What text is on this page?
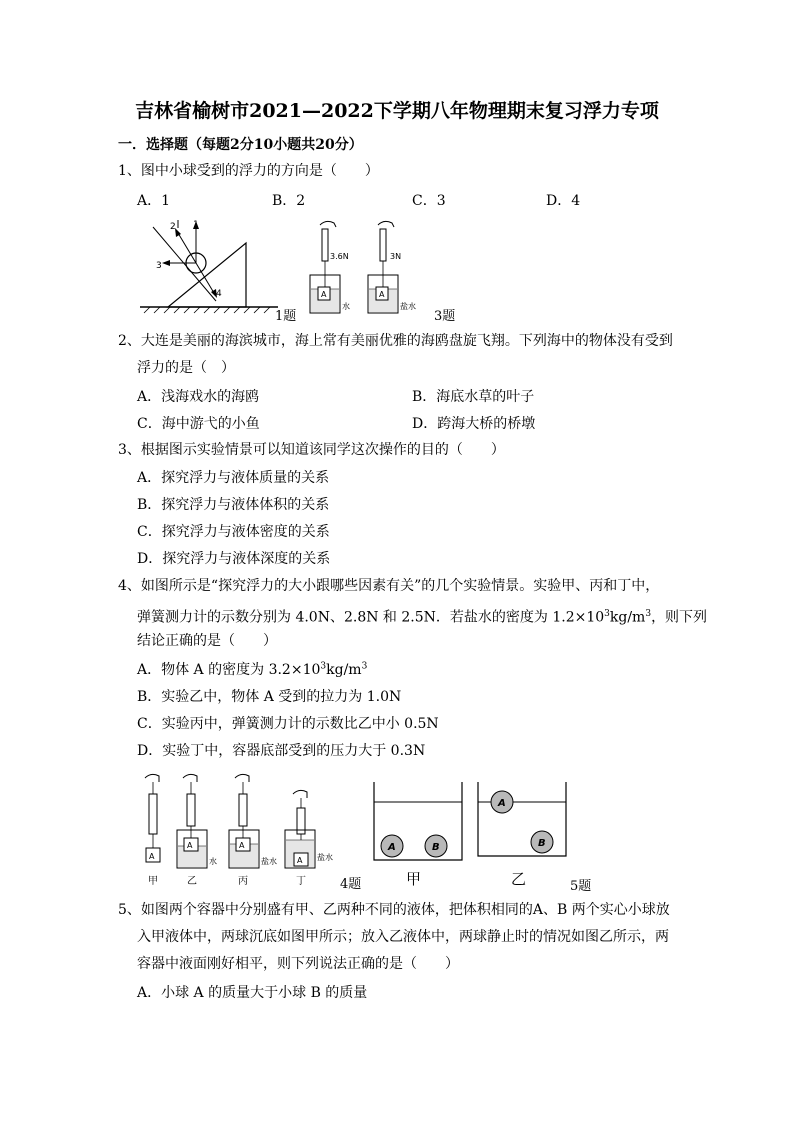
吉林省榆树市2021—2022下学期八年物理期末复习浮力专项
一．选择题（每题2分10小题共20分）
1、图中小球受到的浮力的方向是（　　）
A．1	B．2	C．3	D．4
1
2
3
4
1题
A
3.6N
水
A
3N
盐水
3题
2、大连是美丽的海滨城市，海上常有美丽优雅的海鸥盘旋飞翔。下列海中的物体没有受到
浮力的是（　）
A．浅海戏水的海鸥	B．海底水草的叶子
C．海中游弋的小鱼	D．跨海大桥的桥墩
3、根据图示实验情景可以知道该同学这次操作的目的（　　）
A．探究浮力与液体质量的关系
B．探究浮力与液体体积的关系
C．探究浮力与液体密度的关系
D．探究浮力与液体深度的关系
4、如图所示是“探究浮力的大小跟哪些因素有关”的几个实验情景。实验甲、丙和丁中，
弹簧测力计的示数分别为 4.0N、2.8N 和 2.5N．若盐水的密度为 $1.2\times 10^3kg/m^3$，则下列
结论正确的是（　　）
A．物体 A 的密度为 $3.2\times 10^3kg/m^3$
B．实验乙中，物体 A 受到的拉力为 1.0N
C．实验丙中，弹簧测力计的示数比乙中小 0.5N
D．实验丁中，容器底部受到的压力大于 0.3N
A
甲
A
水
乙
A
盐水
丙
A 盐水
丁	4题
A	B
A
B
甲	乙	5题
5、如图两个容器中分别盛有甲、乙两种不同的液体，把体积相同的A、B 两个实心小球放
入甲液体中，两球沉底如图甲所示；放入乙液体中，两球静止时的情况如图乙所示，两
容器中液面刚好相平，则下列说法正确的是（　　）
A．小球 A 的质量大于小球 B 的质量
